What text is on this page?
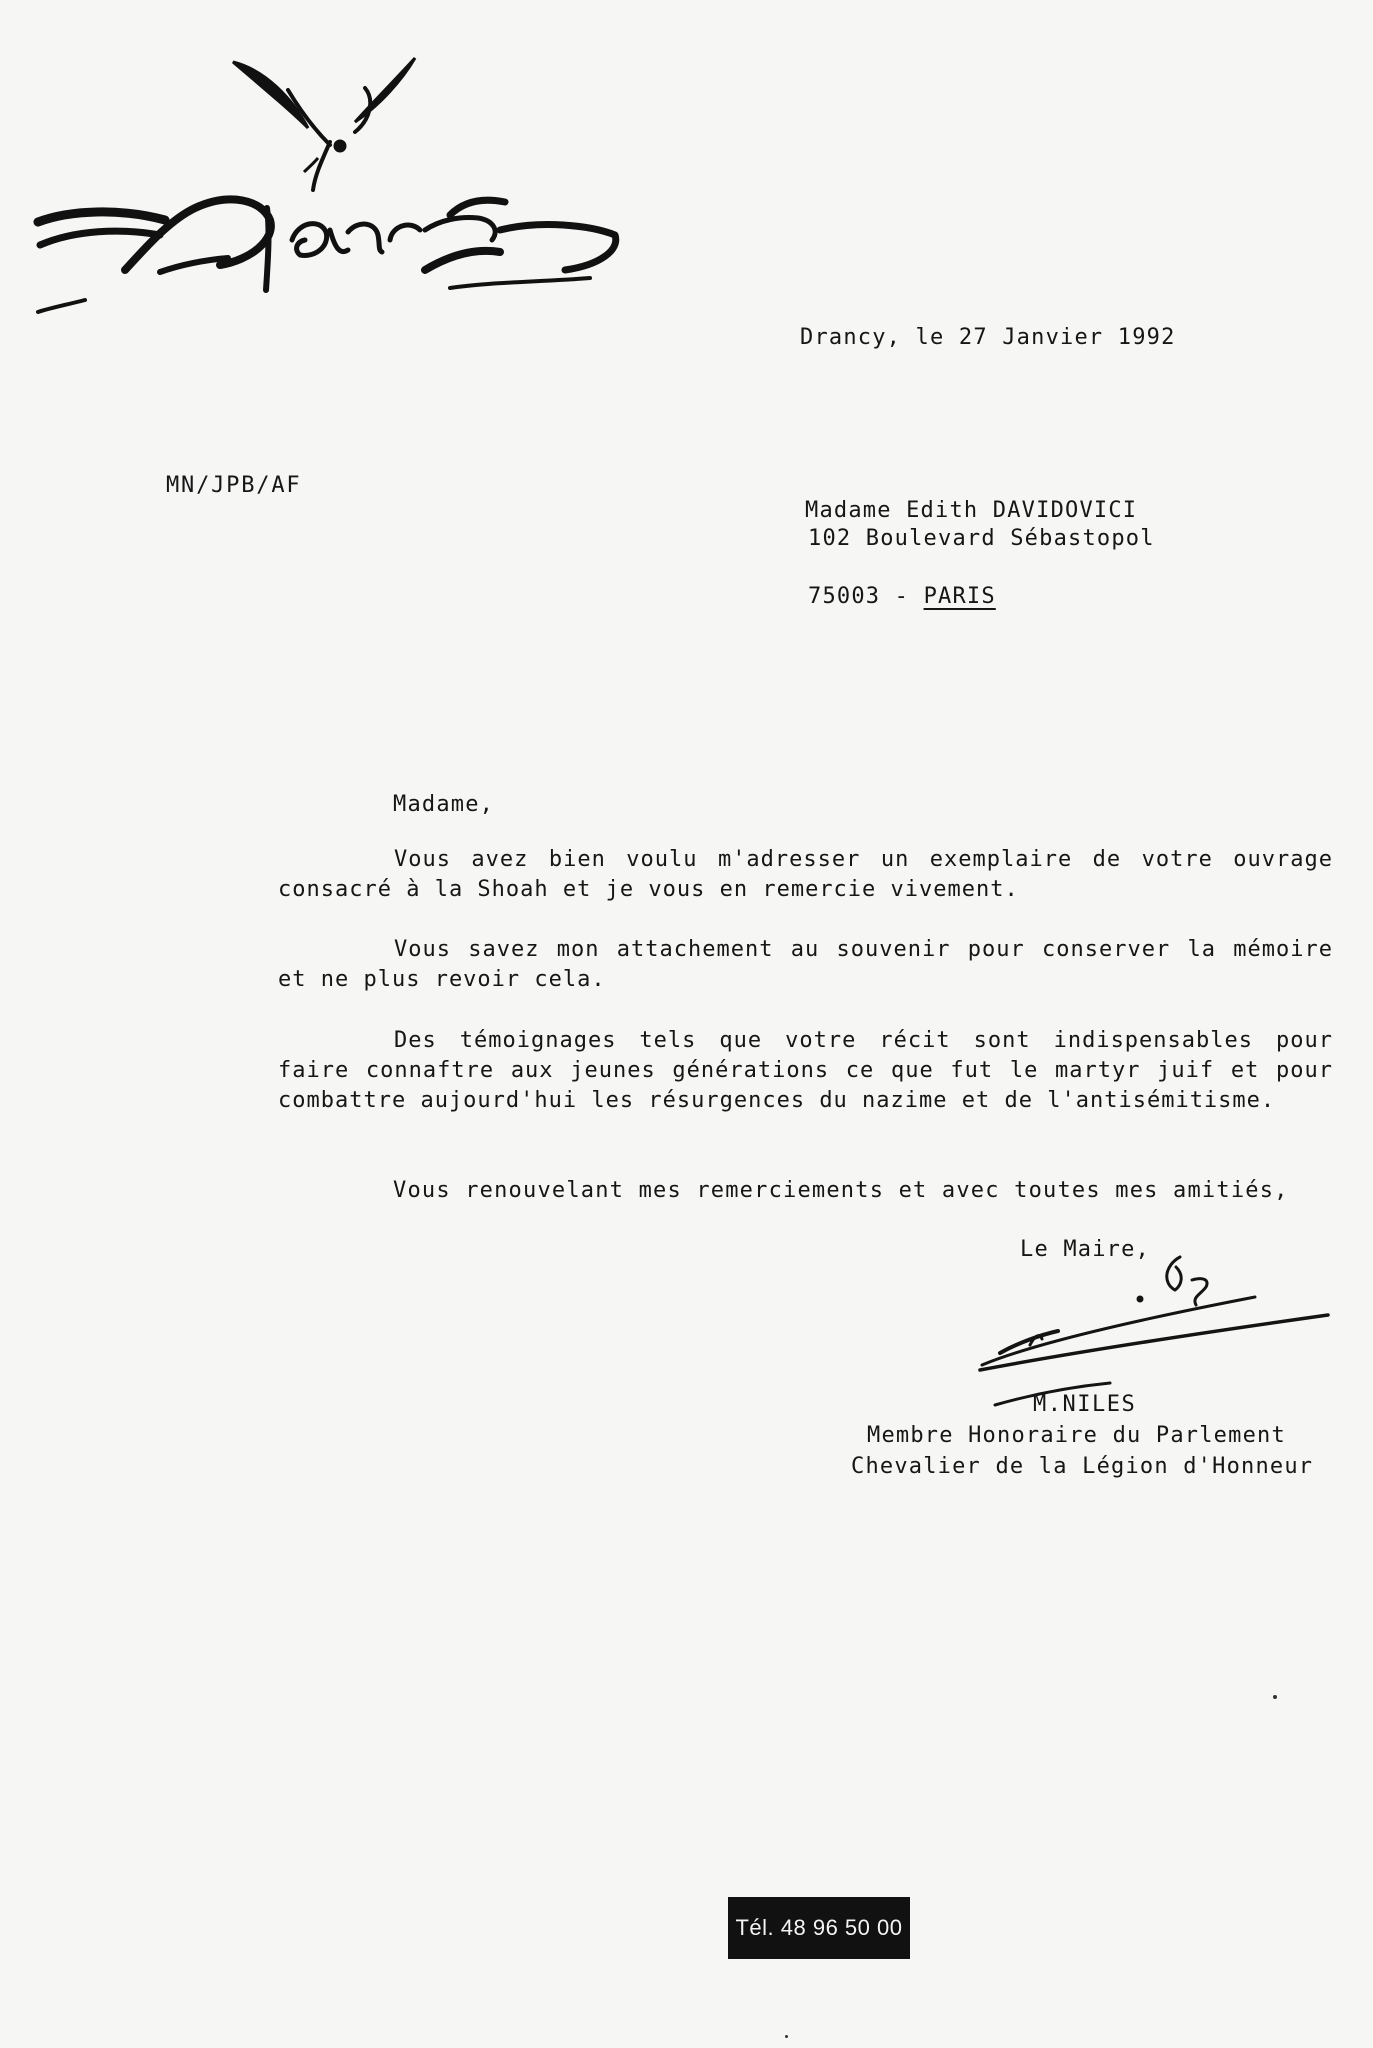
Drancy, le 27 Janvier 1992

MN/JPB/AF

Madame Edith DAVIDOVICI

102 Boulevard Sébastopol

75003 - PARIS

Madame,

Vous avez bien voulu m'adresser un exemplaire de votre ouvrage consacré à la Shoah et je vous en remercie vivement.

Vous savez mon attachement au souvenir pour conserver la mémoire et ne plus revoir cela.

Des témoignages tels que votre récit sont indispensables pour faire connaftre aux jeunes générations ce que fut le martyr juif et pour combattre aujourd'hui les résurgences du nazime et de l'antisémitisme.

Vous renouvelant mes remerciements et avec toutes mes amitiés,

Le Maire,

M.NILES

Membre Honoraire du Parlement

Chevalier de la Légion d'Honneur

Tél. 48 96 50 00
